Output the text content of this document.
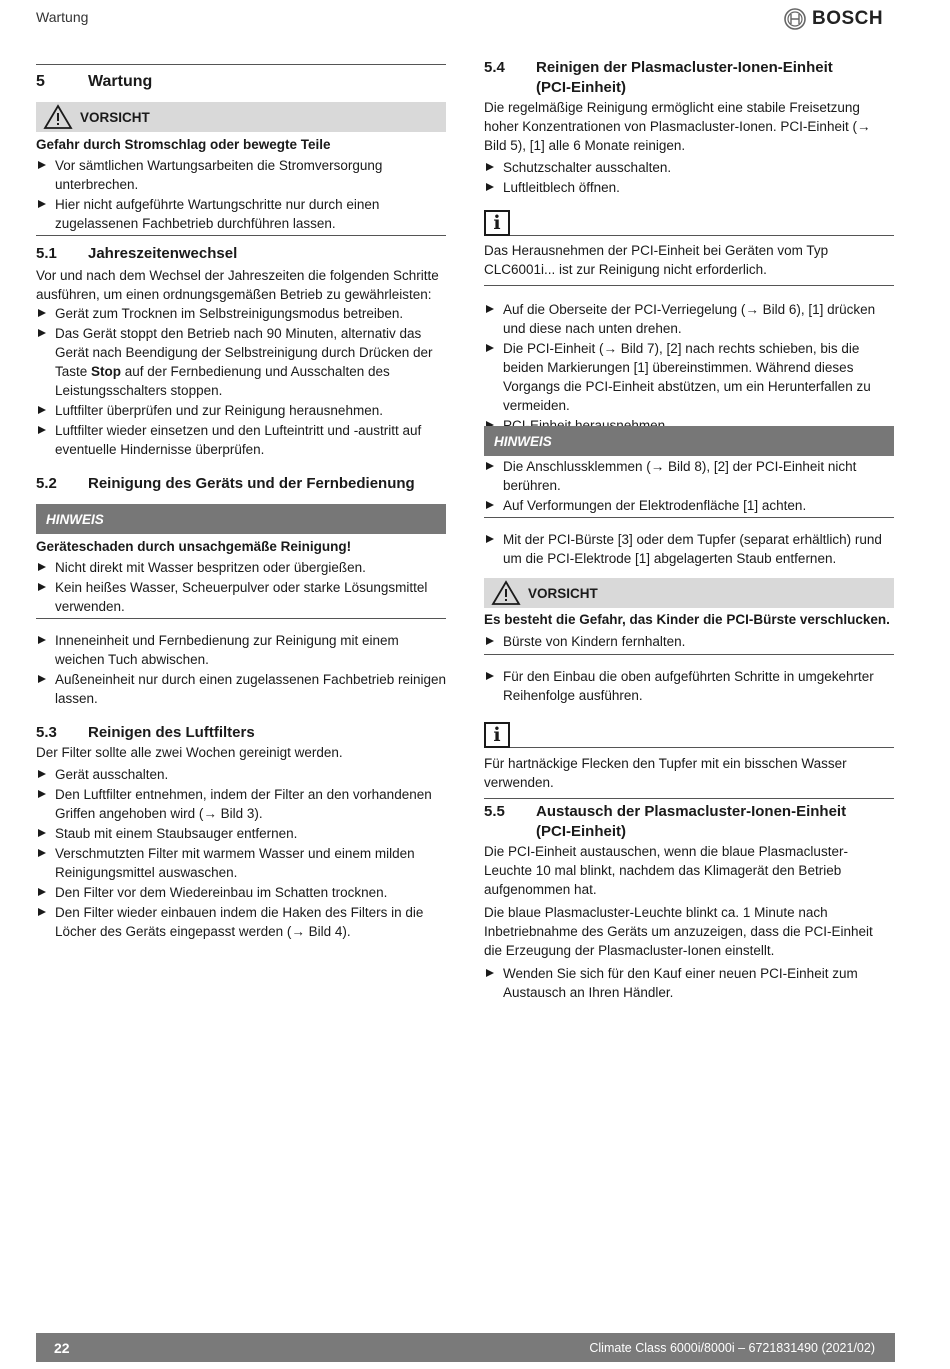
Wartung	BOSCH
5	Wartung
VORSICHT

Gefahr durch Stromschlag oder bewegte Teile

Vor sämtlichen Wartungsarbeiten die Stromversorgung unterbrechen.
Hier nicht aufgeführte Wartungschritte nur durch einen zugelassenen Fachbetrieb durchführen lassen.
5.1	Jahreszeitenwechsel

Vor und nach dem Wechsel der Jahreszeiten die folgenden Schritte ausführen, um einen ordnungsgemäßen Betrieb zu gewährleisten:

Gerät zum Trocknen im Selbstreinigungsmodus betreiben.
Das Gerät stoppt den Betrieb nach 90 Minuten, alternativ das Gerät nach Beendigung der Selbstreinigung durch Drücken der Taste Stop auf der Fernbedienung und Ausschalten des Leistungsschalters stoppen.
Luftfilter überprüfen und zur Reinigung herausnehmen.
Luftfilter wieder einsetzen und den Lufteintritt und -austritt auf eventuelle Hindernisse überprüfen.
5.2	Reinigung des Geräts und der Fernbedienung
HINWEIS

Geräteschaden durch unsachgemäße Reinigung!

Nicht direkt mit Wasser bespritzen oder übergießen.
Kein heißes Wasser, Scheuerpulver oder starke Lösungsmittel verwenden.
Inneneinheit und Fernbedienung zur Reinigung mit einem weichen Tuch abwischen.
Außeneinheit nur durch einen zugelassenen Fachbetrieb reinigen lassen.
5.3	Reinigen des Luftfilters

Der Filter sollte alle zwei Wochen gereinigt werden.

Gerät ausschalten.
Den Luftfilter entnehmen, indem der Filter an den vorhandenen Griffen angehoben wird (→ Bild 3).
Staub mit einem Staubsauger entfernen.
Verschmutzten Filter mit warmem Wasser und einem milden Reinigungsmittel auswaschen.
Den Filter vor dem Wiedereinbau im Schatten trocknen.
Den Filter wieder einbauen indem die Haken des Filters in die Löcher des Geräts eingepasst werden (→ Bild 4).
5.4	Reinigen der Plasmacluster-Ionen-Einheit
(PCI-Einheit)

Die regelmäßige Reinigung ermöglicht eine stabile Freisetzung hoher Konzentrationen von Plasmacluster-Ionen. PCI-Einheit (→ Bild 5), [1] alle 6 Monate reinigen.

Schutzschalter ausschalten.
Luftleitblech öffnen.
i

Das Herausnehmen der PCI-Einheit bei Geräten vom Typ CLC6001i... ist zur Reinigung nicht erforderlich.

Auf die Oberseite der PCI-Verriegelung (→ Bild 6), [1] drücken und diese nach unten drehen.
Die PCI-Einheit (→ Bild 7), [2] nach rechts schieben, bis die beiden Markierungen [1] übereinstimmen. Während dieses Vorgangs die PCI-Einheit abstützen, um ein Herunterfallen zu vermeiden.
HINWEIS
Die Anschlussklemmen (→ Bild 8), [2] der PCI-Einheit nicht berühren.
Auf Verformungen der Elektrodenfläche [1] achten.
Mit der PCI-Bürste [3] oder dem Tupfer (separat erhältlich) rund um die PCI-Elektrode [1] abgelagerten Staub entfernen.
VORSICHT

Es besteht die Gefahr, das Kinder die PCI-Bürste verschlucken.

Bürste von Kindern fernhalten.
Für den Einbau die oben aufgeführten Schritte in umgekehrter Reihenfolge ausführen.
i

Für hartnäckige Flecken den Tupfer mit ein bisschen Wasser verwenden.

5.5	Austausch der Plasmacluster-Ionen-Einheit
(PCI-Einheit)

Die PCI-Einheit austauschen, wenn die blaue Plasmacluster-Leuchte 10 mal blinkt, nachdem das Klimagerät den Betrieb aufgenommen hat.

Die blaue Plasmacluster-Leuchte blinkt ca. 1 Minute nach Inbetriebnahme des Geräts um anzuzeigen, dass die PCI-Einheit die Erzeugung der Plasmacluster-Ionen einstellt.

Wenden Sie sich für den Kauf einer neuen PCI-Einheit zum Austausch an Ihren Händler.
22	Climate Class 6000i/8000i – 6721831490 (2021/02)
